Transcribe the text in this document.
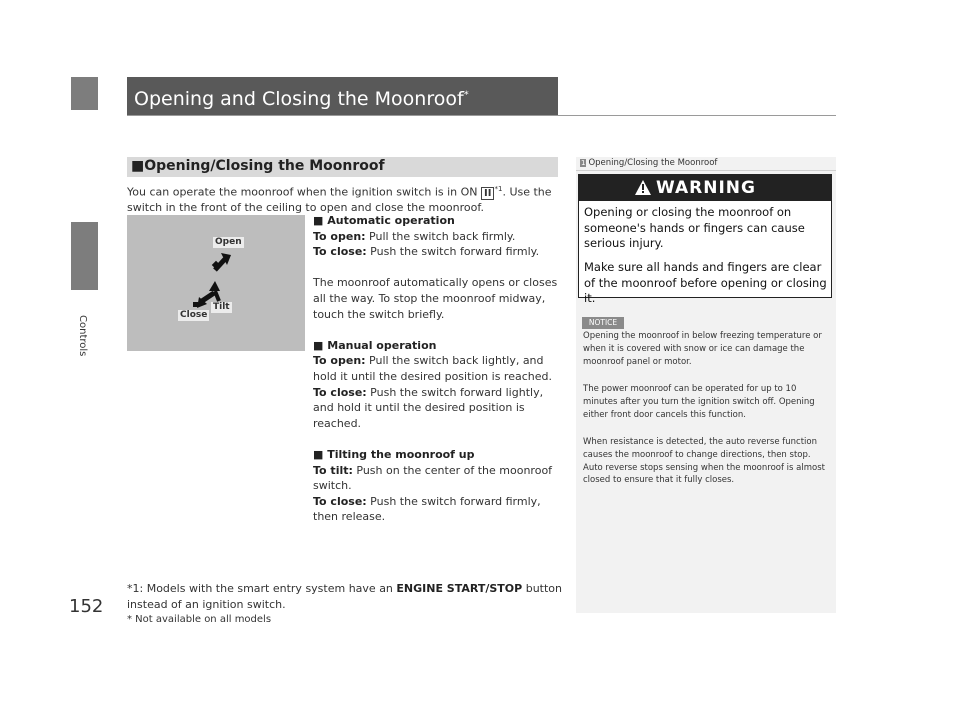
Controls
152
Opening and Closing the Moonroof*
■Opening/Closing the Moonroof
You can operate the moonroof when the ignition switch is in ON II $^{*1}$. Use the switch in the front of the ceiling to open and close the moonroof.
Open
Tilt
Close

■ Automatic operation

To open: Pull the switch back firmly.

To close: Push the switch forward firmly.

The moonroof automatically opens or closes all the way. To stop the moonroof midway, touch the switch briefly.

■ Manual operation

To open: Pull the switch back lightly, and hold it until the desired position is reached.

To close: Push the switch forward lightly, and hold it until the desired position is reached.

■ Tilting the moonroof up

To tilt: Push on the center of the moonroof switch.

To close: Push the switch forward firmly, then release.

*1: Models with the smart entry system have an ENGINE START/STOP button instead of an ignition switch.
* Not available on all models
1 Opening/Closing the Moonroof
WARNING
Opening or closing the moonroof on someone's hands or fingers can cause serious injury.
Make sure all hands and fingers are clear of the moonroof before opening or closing it.
NOTICE
Opening the moonroof in below freezing temperature or when it is covered with snow or ice can damage the moonroof panel or motor.
The power moonroof can be operated for up to 10 minutes after you turn the ignition switch off. Opening either front door cancels this function.
When resistance is detected, the auto reverse function causes the moonroof to change directions, then stop. Auto reverse stops sensing when the moonroof is almost closed to ensure that it fully closes.
